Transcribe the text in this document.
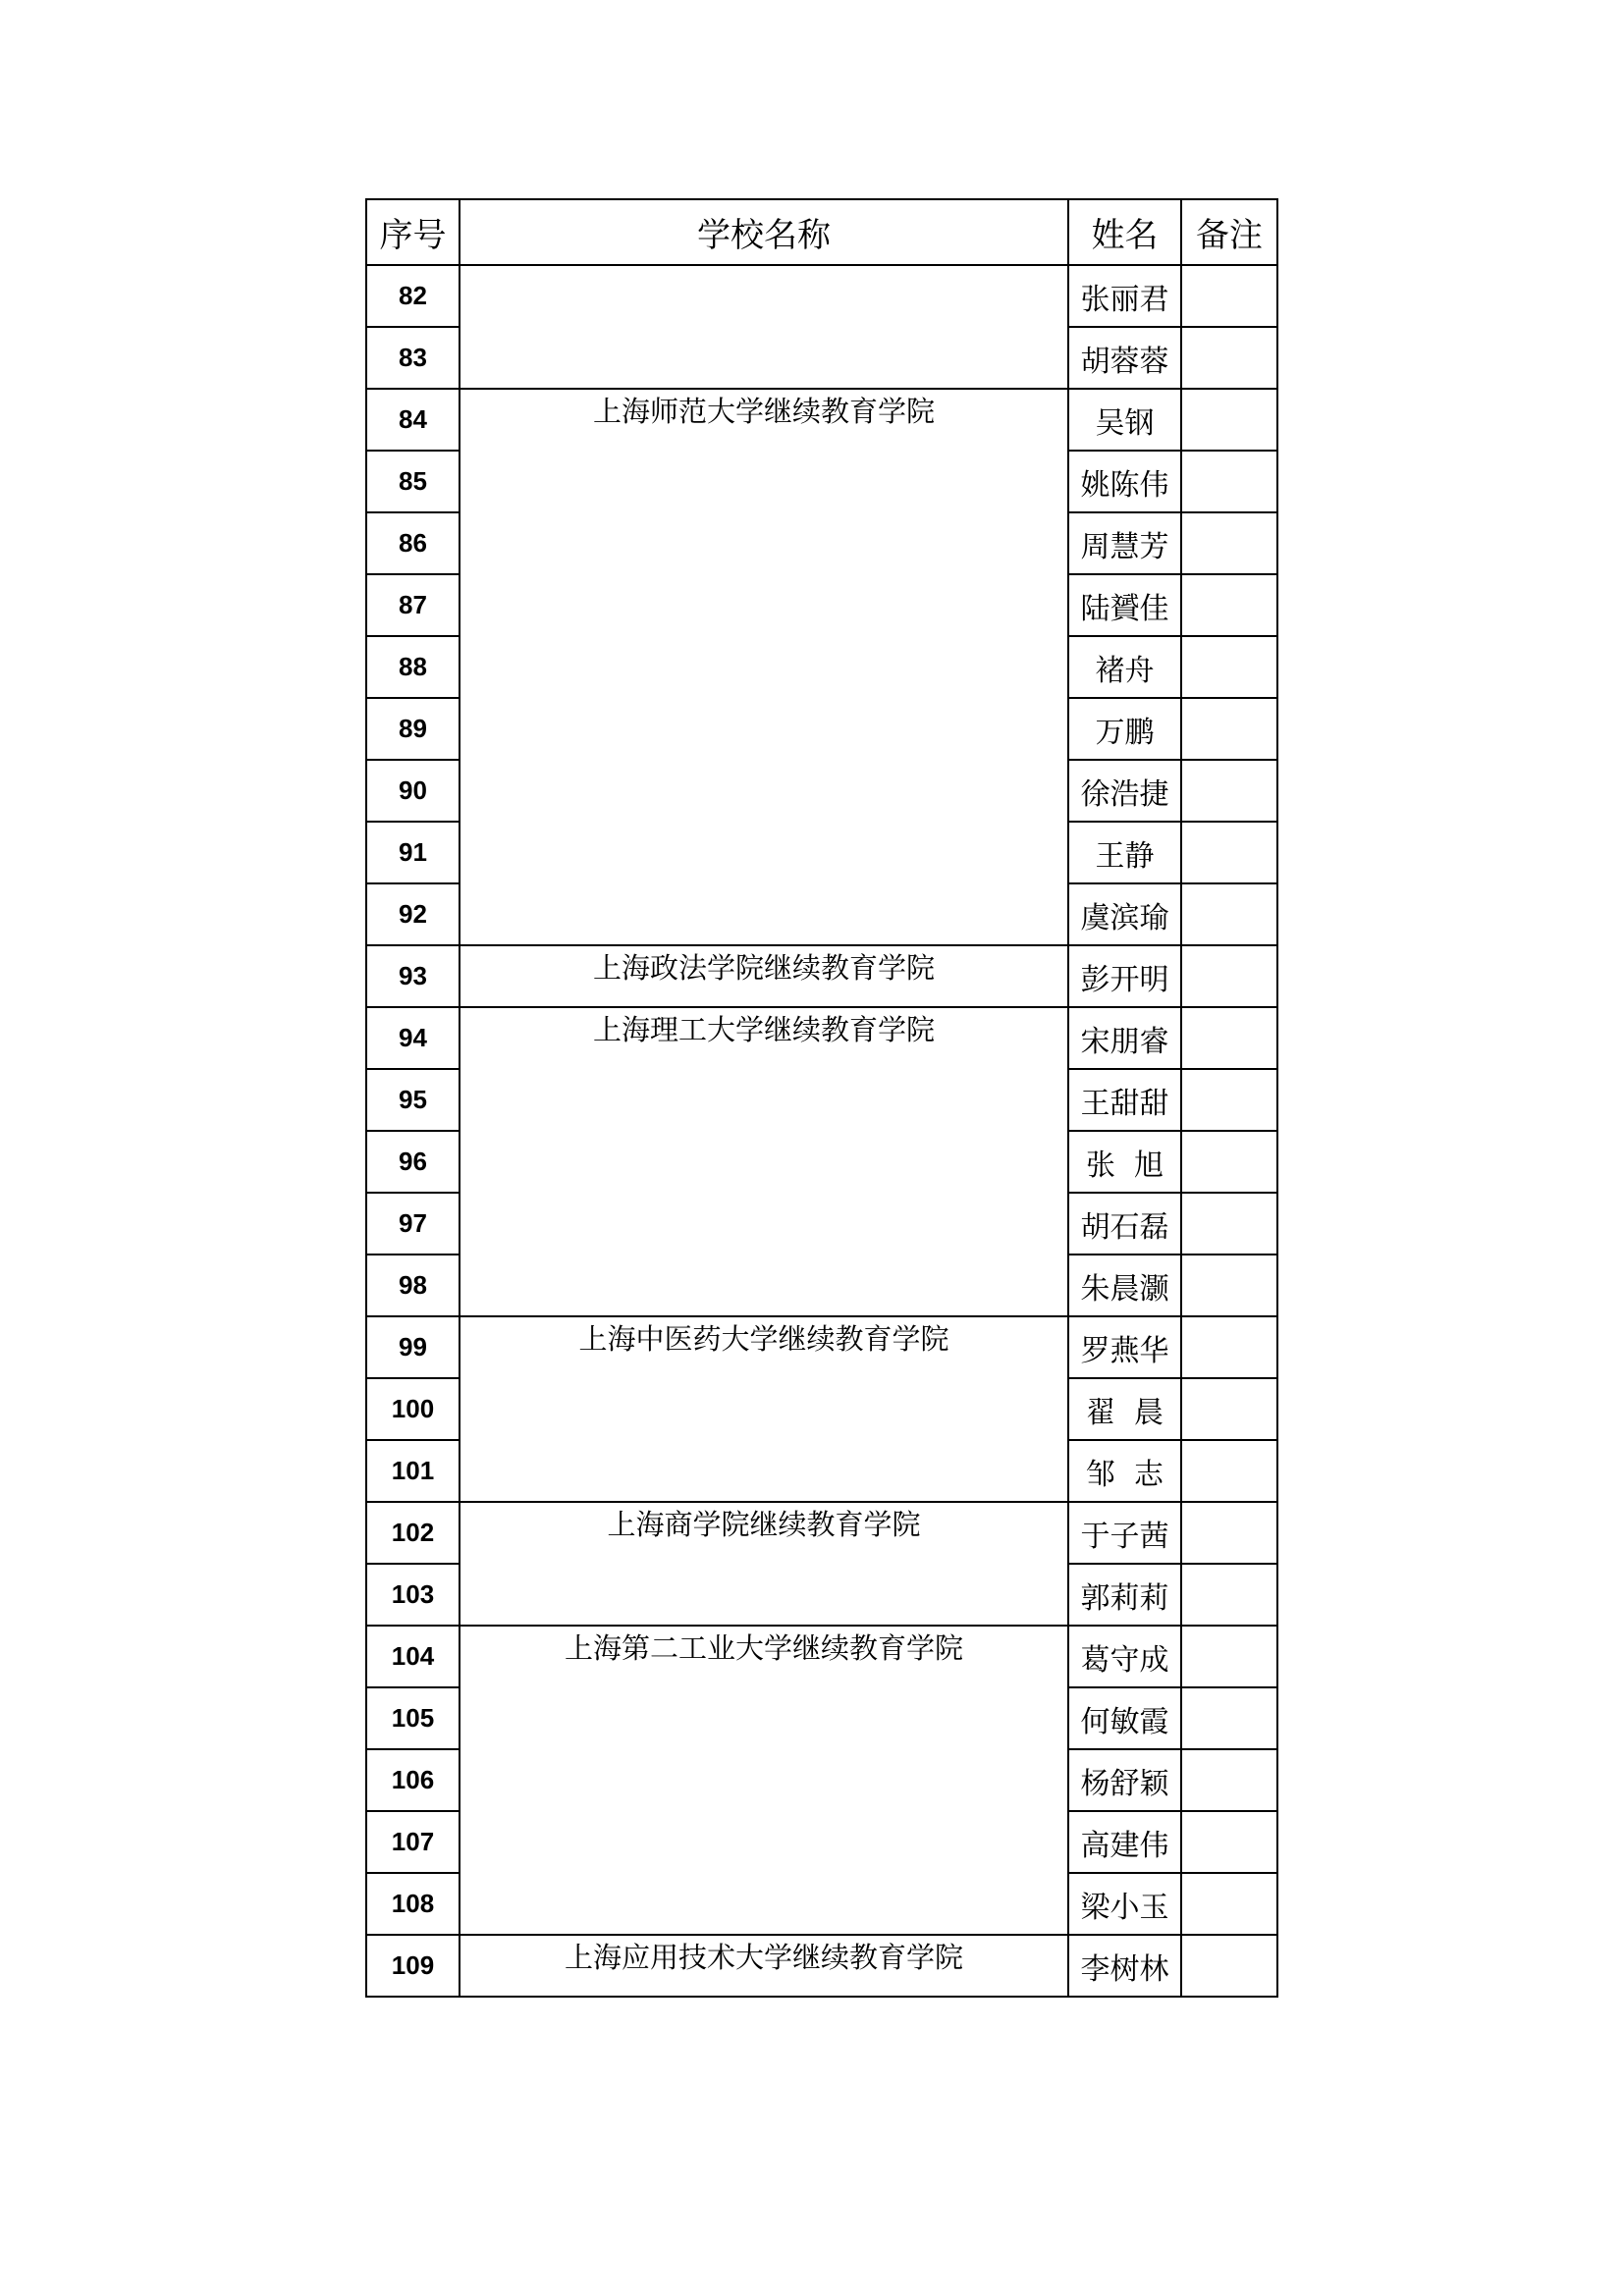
序号	学校名称	姓名	备注
82		张丽君	
83		胡蓉蓉	
84	上海师范大学继续教育学院	吴钢	
85		姚陈伟	
86		周慧芳	
87		陆贇佳	
88		褚舟	
89		万鹏	
90		徐浩捷	
91		王静	
92		虞滨瑜	
93	上海政法学院继续教育学院	彭开明	
94	上海理工大学继续教育学院	宋朋睿	
95		王甜甜	
96		张  旭	
97		胡石磊	
98		朱晨灏	
99	上海中医药大学继续教育学院	罗燕华	
100		翟  晨	
101		邹  志	
102	上海商学院继续教育学院	于子茜	
103		郭莉莉	
104	上海第二工业大学继续教育学院	葛守成	
105		何敏霞	
106		杨舒颖	
107		高建伟	
108		梁小玉	
109	上海应用技术大学继续教育学院	李树林	
